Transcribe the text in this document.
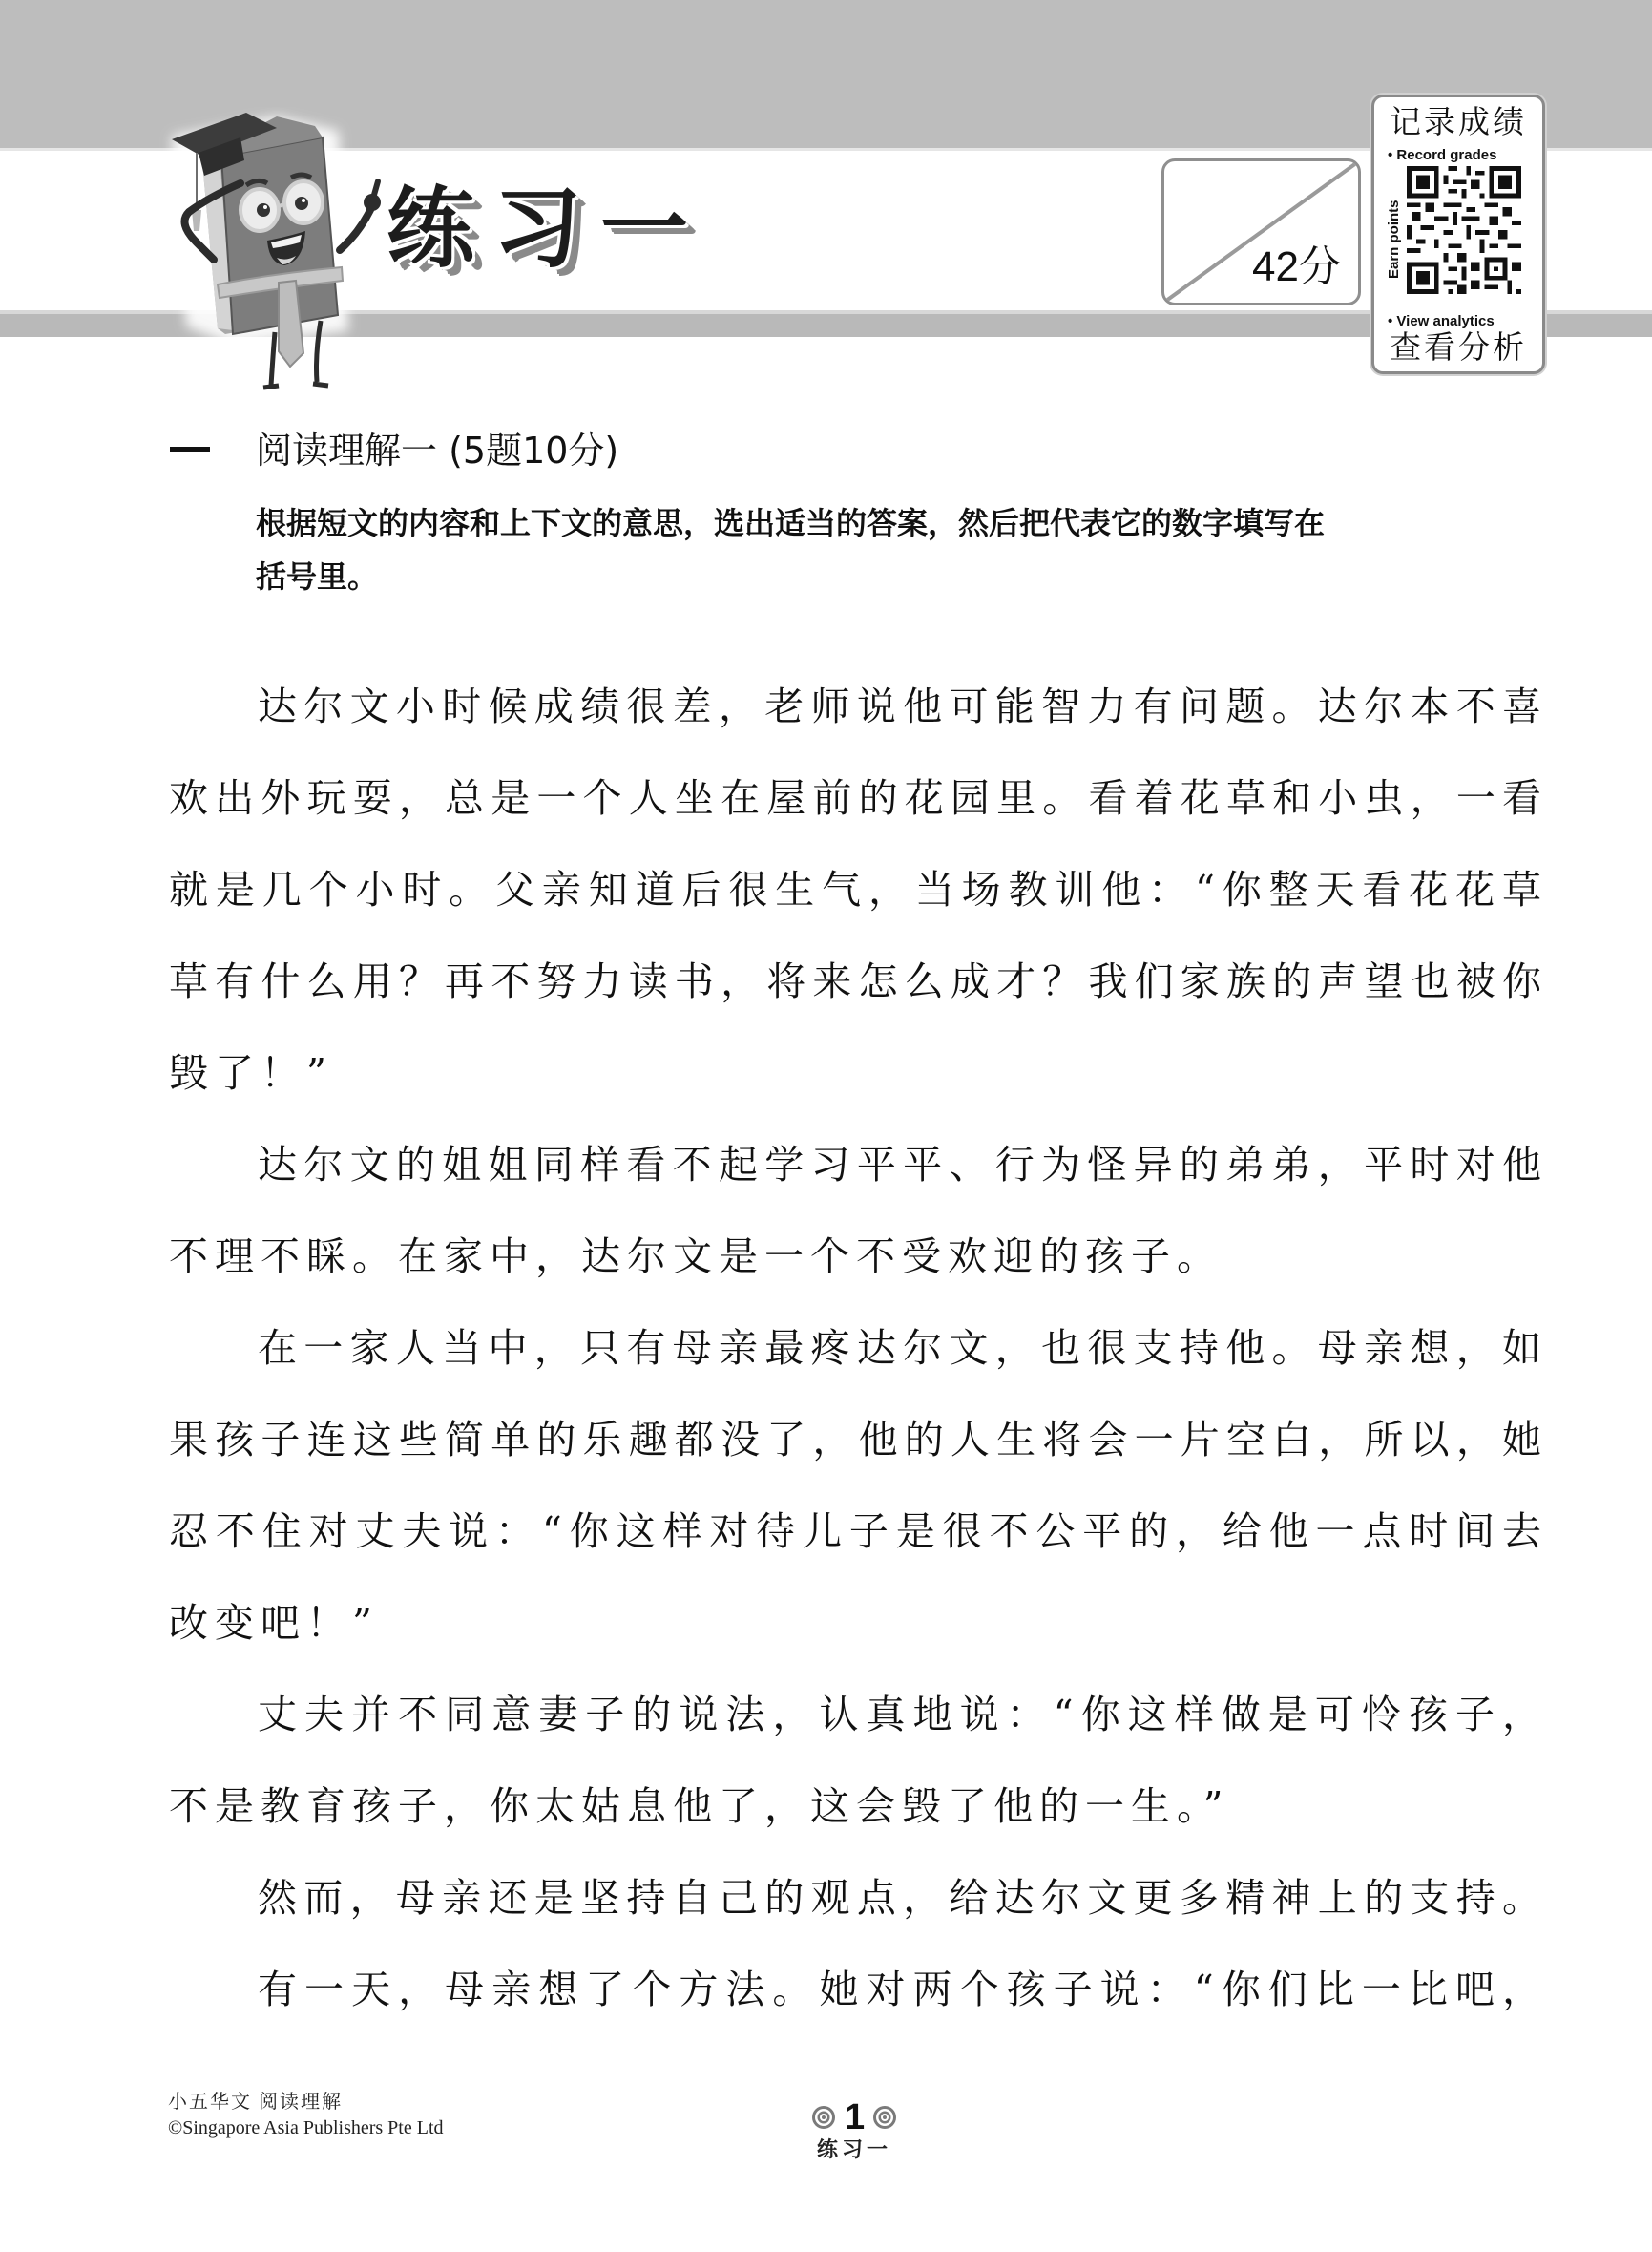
练习一	42分
记录成绩
• Record grades
Earn points
• View analytics
查看分析
阅读理解一 (5题10分)
根据短文的内容和上下文的意思，选出适当的答案，然后把代表它的数字填写在
括号里。
达尔文小时候成绩很差，老师说他可能智力有问题。达尔本不喜
欢出外玩耍，总是一个人坐在屋前的花园里。看着花草和小虫，一看
就是几个小时。父亲知道后很生气，当场教训他：“你整天看花花草
草有什么用？再不努力读书，将来怎么成才？我们家族的声望也被你
毁了！”
达尔文的姐姐同样看不起学习平平、行为怪异的弟弟，平时对他
不理不睬。在家中，达尔文是一个不受欢迎的孩子。
在一家人当中，只有母亲最疼达尔文，也很支持他。母亲想，如
果孩子连这些简单的乐趣都没了，他的人生将会一片空白，所以，她
忍不住对丈夫说：“你这样对待儿子是很不公平的，给他一点时间去
改变吧！”
丈夫并不同意妻子的说法，认真地说：“你这样做是可怜孩子，
不是教育孩子，你太姑息他了，这会毁了他的一生。”
然而，母亲还是坚持自己的观点，给达尔文更多精神上的支持。
有一天，母亲想了个方法。她对两个孩子说：“你们比一比吧，
小五华文 阅读理解
©Singapore Asia Publishers Pte Ltd	1
练习一
